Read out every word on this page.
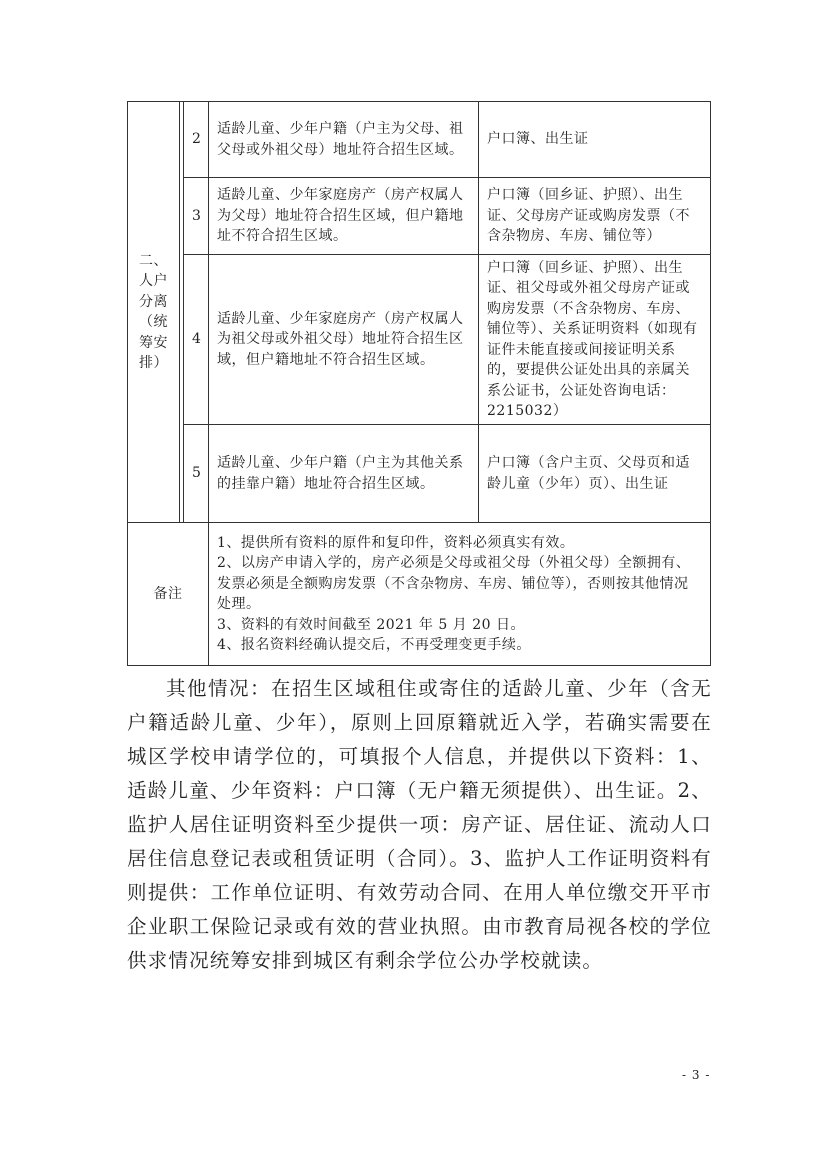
二、人户分离（统筹安排）		2	适龄儿童、少年户籍（户主为父母、祖父母或外祖父母）地址符合招生区域。	户口簿、出生证
		3	适龄儿童、少年家庭房产（房产权属人为父母）地址符合招生区域，但户籍地址不符合招生区域。	户口簿（回乡证、护照）、出生证、父母房产证或购房发票（不含杂物房、车房、铺位等）
		4	适龄儿童、少年家庭房产（房产权属人为祖父母或外祖父母）地址符合招生区域，但户籍地址不符合招生区域。	户口簿（回乡证、护照）、出生证、祖父母或外祖父母房产证或购房发票（不含杂物房、车房、铺位等）、关系证明资料（如现有证件未能直接或间接证明关系的，要提供公证处出具的亲属关系公证书，公证处咨询电话：2215032）
		5	适龄儿童、少年户籍（户主为其他关系的挂靠户籍）地址符合招生区域。	户口簿（含户主页、父母页和适龄儿童（少年）页）、出生证
备注			1、提供所有资料的原件和复印件，资料必须真实有效。
2、以房产申请入学的，房产必须是父母或祖父母（外祖父母）全额拥有、发票必须是全额购房发票（不含杂物房、车房、铺位等），否则按其他情况处理。
3、资料的有效时间截至 2021 年 5 月 20 日。
4、报名资料经确认提交后，不再受理变更手续。	

其他情况：在招生区域租住或寄住的适龄儿童、少年（含无户籍适龄儿童、少年），原则上回原籍就近入学，若确实需要在城区学校申请学位的，可填报个人信息，并提供以下资料：1、适龄儿童、少年资料：户口簿（无户籍无须提供）、出生证。2、监护人居住证明资料至少提供一项：房产证、居住证、流动人口居住信息登记表或租赁证明（合同）。3、监护人工作证明资料有则提供：工作单位证明、有效劳动合同、在用人单位缴交开平市企业职工保险记录或有效的营业执照。由市教育局视各校的学位供求情况统筹安排到城区有剩余学位公办学校就读。

- 3 -
